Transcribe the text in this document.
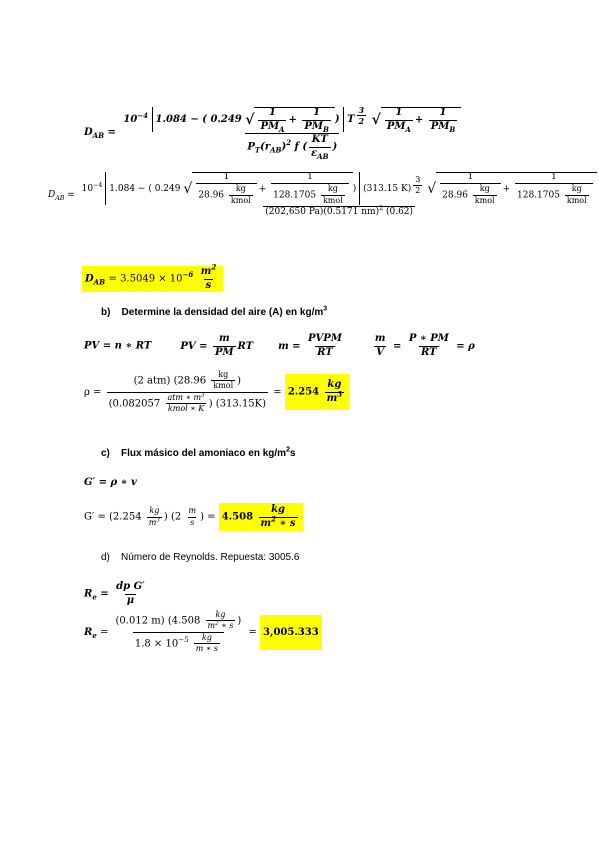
$D_{AB}$ =
$10^{-4}$ 1.084 − ( 0.249 √ $\frac{1}{PM_A} + \frac{1}{PM_B}$ ) T $^{\frac{3}{2}}$
√ $\frac{1}{PM_A} + \frac{1}{PM_B}$
$P_T(r_{AB})^2$ f ( $\frac{KT}{\varepsilon_{AB}}$ )
$D_{AB}$ =
$10^{-4}$ 1.084 − ( 0.249 √ $\frac{1}{28.96 \frac{kg}{\text{kmol}}} + \frac{1}{128.1705 \frac{kg}{\text{kmol}}}$ ) (313.15 K) $^{\frac{3}{2}}$
√ $\frac{1}{28.96 \frac{kg}{\text{kmol}}} + \frac{1}{128.1705 \frac{kg}{\text{kmol}}}$
(202,650 Pa)(0.5171 nm)$^2$ (0.62)
$D_{AB} = 3.5049 \times 10^{-6} \frac{m^2}{s}$
b)    Determine la densidad del aire (A) en $kg/m^3$
PV = n ∗ RT	PV = $\frac{m}{PM}$ RT $m = \frac{\text{PVPM}}{RT}$
	$\frac{m}{V} = \frac{P ∗ PM}{RT} = \rho$
$\rho = \frac{(2 atm) (28.96 \frac{kg}{\text{kmol}} )}{(0.082057 \frac{atm ∗ m^3}{\text{kmol ∗ K}} ) (313.15K)} = 2.254 \frac{kg}{m^3}$
c)    Flux másico del amoniaco en $kg/m^2s$
G′ = ρ ∗ v
$G' = (2.254 \frac{kg}{m^3}$ ) ($2 \frac{m}{s}$ ) = $4.508 \frac{kg}{m^2 ∗ s}$
d)    Número de Reynolds. Repuesta: 3005.6
$R_e = \frac{\text{dp G′}}{\mu}$
$R_e = \frac{(0.012 m) (4.508 \frac{kg}{m^2 ∗ s} )}{1.8 \times 10^{-5} \frac{kg}{m ∗ s}} = 3,005.333$
